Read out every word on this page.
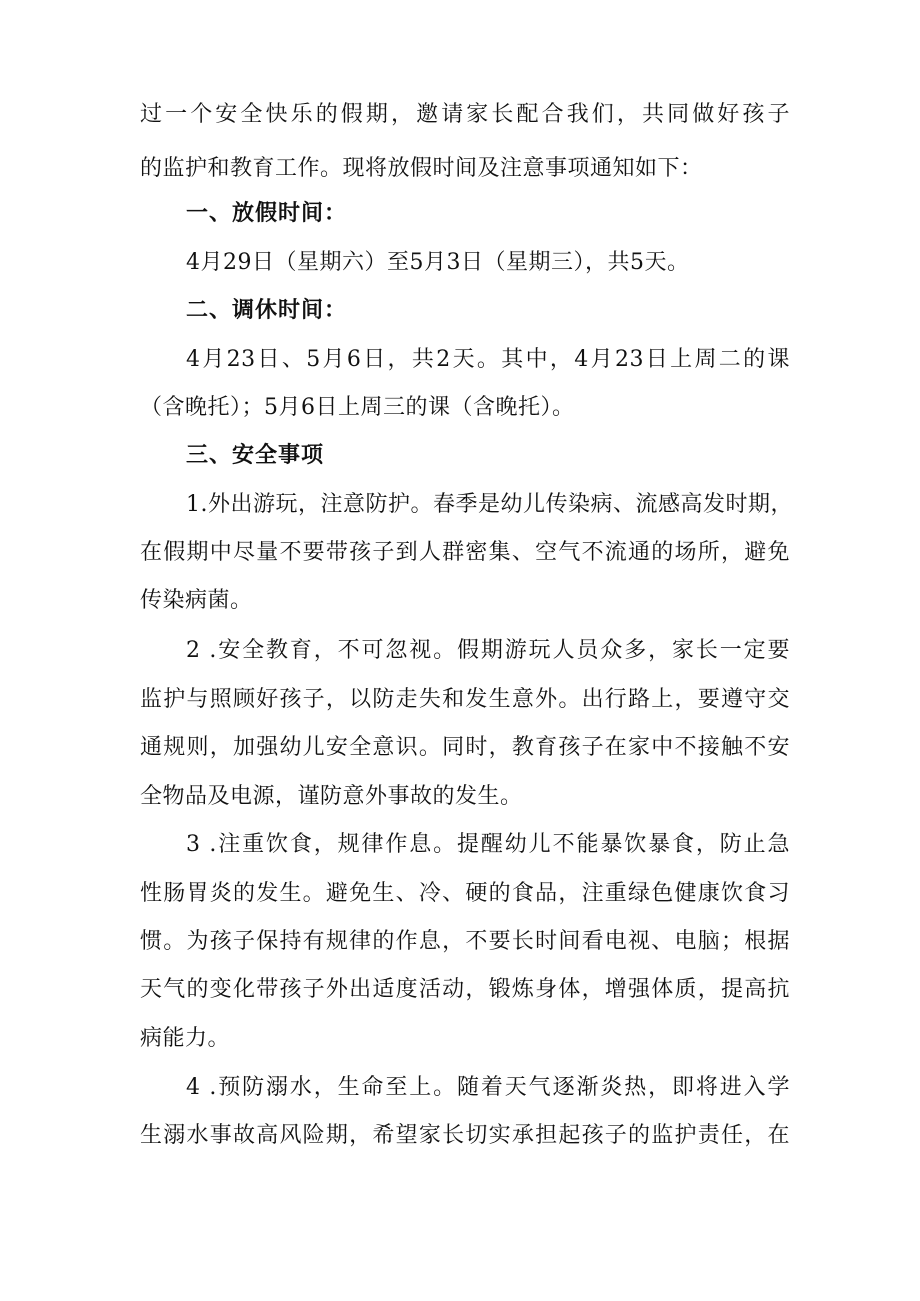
过一个安全快乐的假期，邀请家长配合我们，共同做好孩子
的监护和教育工作。现将放假时间及注意事项通知如下：
一、放假时间：
4月29日（星期六）至5月3日（星期三），共5天。
二、调休时间：
4月23日、5月6日，共2天。其中，4月23日上周二的课
（含晚托）；5月6日上周三的课（含晚托）。
三、安全事项
1.外出游玩，注意防护。春季是幼儿传染病、流感高发时期，
在假期中尽量不要带孩子到人群密集、空气不流通的场所，避免
传染病菌。
2 .安全教育，不可忽视。假期游玩人员众多，家长一定要
监护与照顾好孩子，以防走失和发生意外。出行路上，要遵守交
通规则，加强幼儿安全意识。同时，教育孩子在家中不接触不安
全物品及电源，谨防意外事故的发生。
3 .注重饮食，规律作息。提醒幼儿不能暴饮暴食，防止急
性肠胃炎的发生。避免生、冷、硬的食品，注重绿色健康饮食习
惯。为孩子保持有规律的作息，不要长时间看电视、电脑；根据
天气的变化带孩子外出适度活动，锻炼身体，增强体质，提高抗
病能力。
4 .预防溺水，生命至上。随着天气逐渐炎热，即将进入学
生溺水事故高风险期，希望家长切实承担起孩子的监护责任，在
